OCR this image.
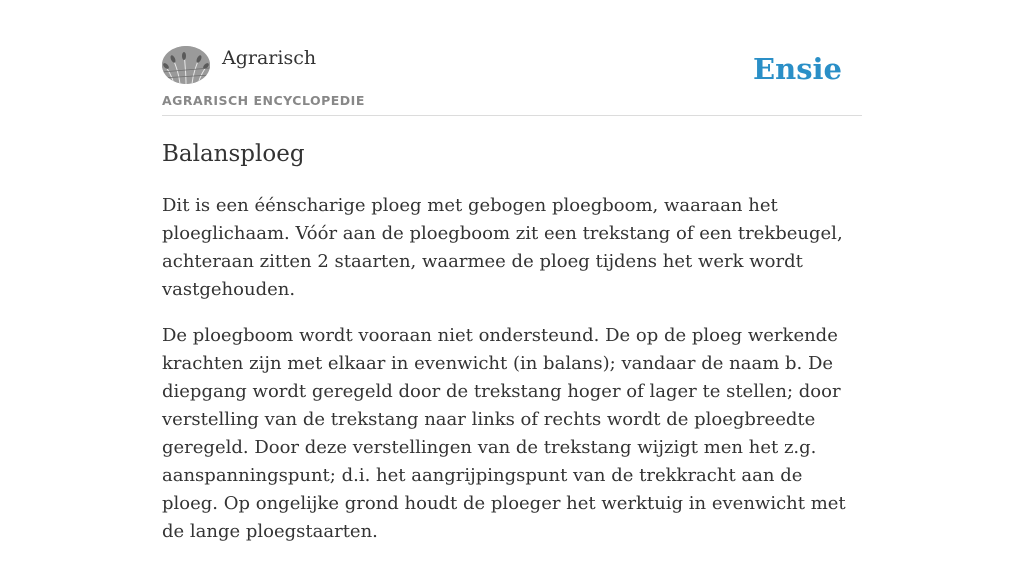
Agrarisch
AGRARISCH ENCYCLOPEDIE
Ensie
Balansploeg

Dit is een éénscharige ploeg met gebogen ploegboom, waaraan het ploeglichaam. Vóór aan de ploegboom zit een trekstang of een trekbeugel, achteraan zitten 2 staarten, waarmee de ploeg tijdens het werk wordt vastgehouden.

De ploegboom wordt vooraan niet ondersteund. De op de ploeg werkende krachten zijn met elkaar in evenwicht (in balans); vandaar de naam b. De diepgang wordt geregeld door de trekstang hoger of lager te stellen; door verstelling van de trekstang naar links of rechts wordt de ploegbreedte geregeld. Door deze verstellingen van de trekstang wijzigt men het z.g. aanspanningspunt; d.i. het aangrijpingspunt van de trekkracht aan de ploeg. Op ongelijke grond houdt de ploeger het werktuig in evenwicht met de lange ploegstaarten.
